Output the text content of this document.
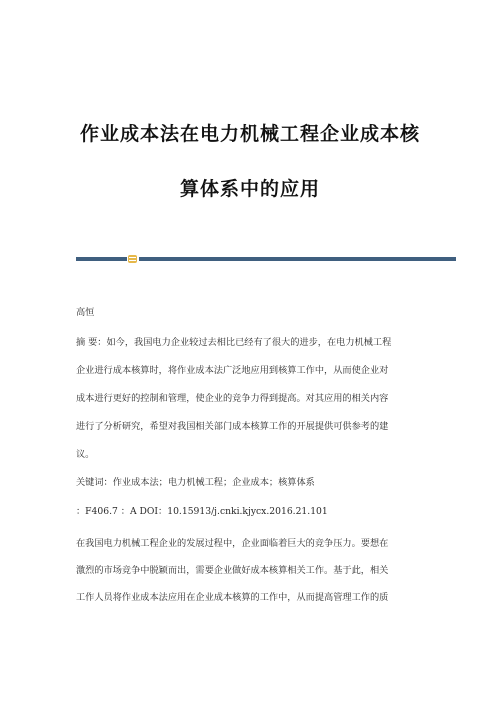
作业成本法在电力机械工程企业成本核
算体系中的应用
高恒
摘 要：如今，我国电力企业较过去相比已经有了很大的进步，在电力机械工程
企业进行成本核算时，将作业成本法广泛地应用到核算工作中，从而使企业对
成本进行更好的控制和管理，使企业的竞争力得到提高。对其应用的相关内容
进行了分析研究，希望对我国相关部门成本核算工作的开展提供可供参考的建
议。
关键词：作业成本法；电力机械工程；企业成本；核算体系
：F406.7 ：A DOI：10.15913/j.cnki.kjycx.2016.21.101
在我国电力机械工程企业的发展过程中，企业面临着巨大的竞争压力。要想在
激烈的市场竞争中脱颖而出，需要企业做好成本核算相关工作。基于此，相关
工作人员将作业成本法应用在企业成本核算的工作中，从而提高管理工作的质
